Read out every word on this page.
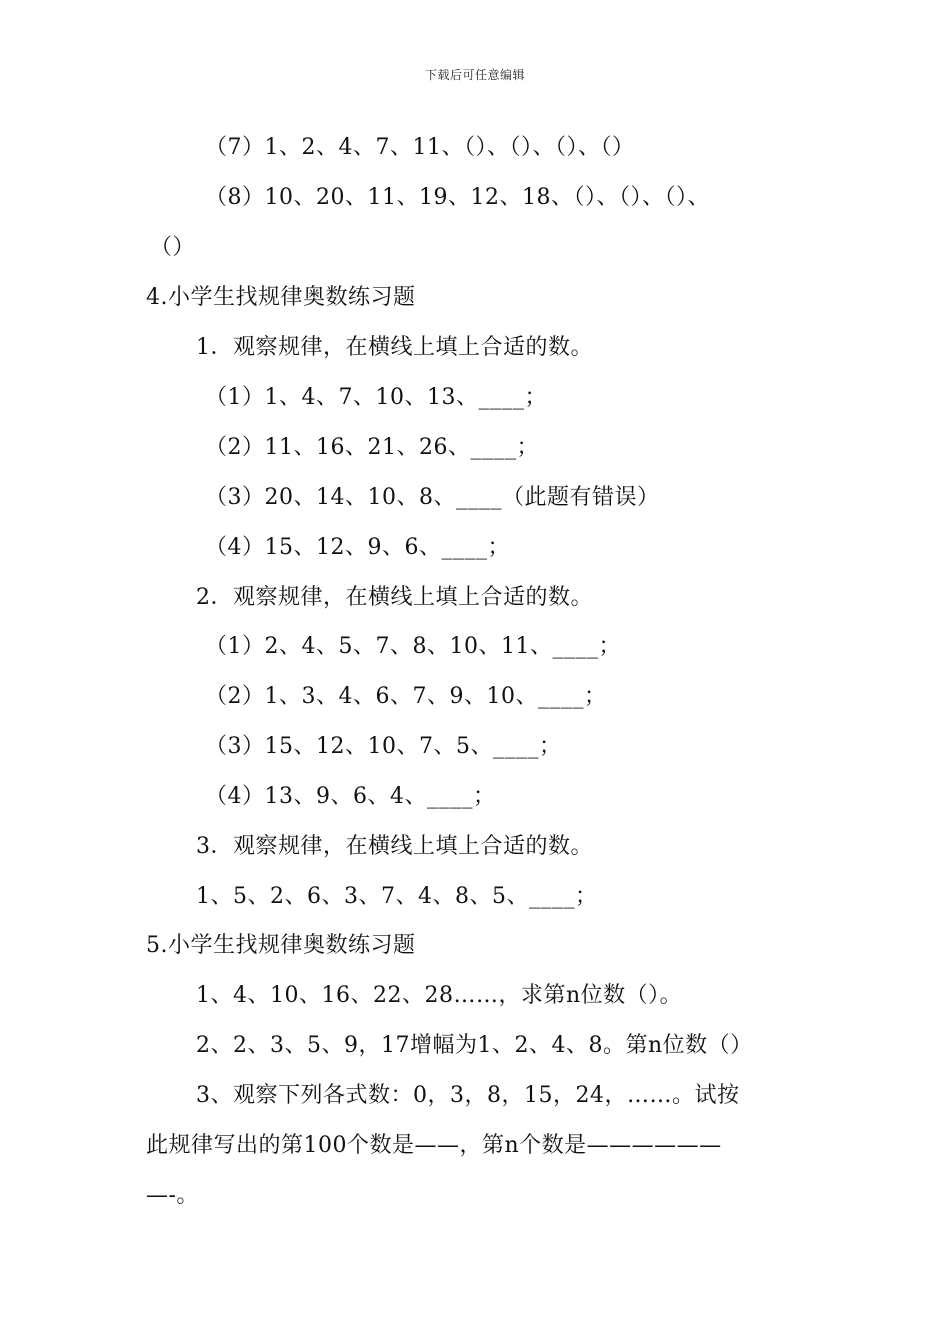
下载后可任意编辑
（7）1、2、4、7、11、（）、（）、（）、（）
（8）10、20、11、19、12、18、（）、（）、（）、
（）
4.小学生找规律奥数练习题
1．观察规律，在横线上填上合适的数。
（1）1、4、7、10、13、____；
（2）11、16、21、26、____；
（3）20、14、10、8、____（此题有错误）
（4）15、12、9、6、____；
2．观察规律，在横线上填上合适的数。
（1）2、4、5、7、8、10、11、____；
（2）1、3、4、6、7、9、10、____；
（3）15、12、10、7、5、____；
（4）13、9、6、4、____；
3．观察规律，在横线上填上合适的数。
1、5、2、6、3、7、4、8、5、____；
5.小学生找规律奥数练习题
1、4、10、16、22、28……，求第n位数（）。
2、2、3、5、9，17增幅为1、2、4、8。第n位数（）
3、观察下列各式数：0，3，8，15，24，……。试按
此规律写出的第100个数是——，第n个数是——————
—-。
